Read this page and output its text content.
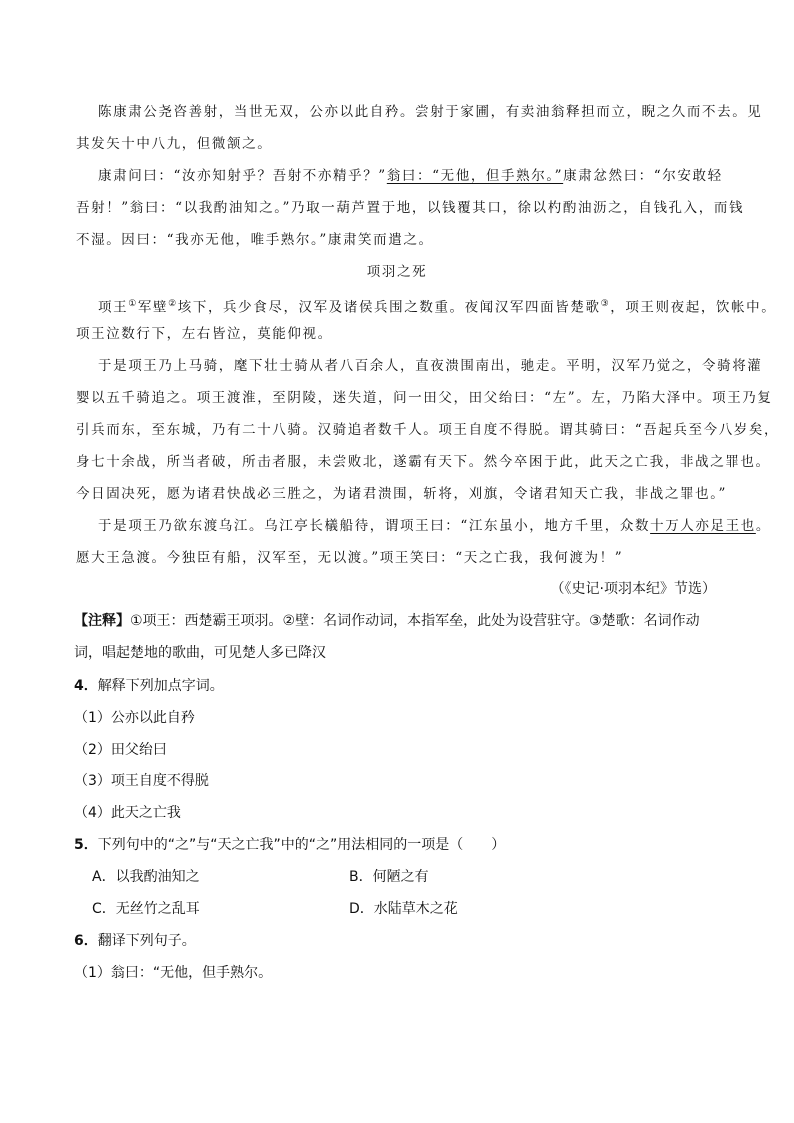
陈康肃公尧咨善射，当世无双，公亦以此自矜。尝射于家圃，有卖油翁释担而立，睨之久而不去。见

其发矢十中八九，但微颔之。

康肃问曰：“汝亦知射乎？吾射不亦精乎？”翁曰：“无他，但手熟尔。”康肃忿然曰：“尔安敢轻

吾射！”翁曰：“以我酌油知之。”乃取一葫芦置于地，以钱覆其口，徐以杓酌油沥之，自钱孔入，而钱

不湿。因曰：“我亦无他，唯手熟尔。”康肃笑而遣之。

项羽之死

项王①军壁②垓下，兵少食尽，汉军及诸侯兵围之数重。夜闻汉军四面皆楚歌③，项王则夜起，饮帐中。

项王泣数行下，左右皆泣，莫能仰视。

于是项王乃上马骑，麾下壮士骑从者八百余人，直夜溃围南出，驰走。平明，汉军乃觉之，令骑将灌

婴以五千骑追之。项王渡淮，至阴陵，迷失道，问一田父，田父绐曰：“左”。左，乃陷大泽中。项王乃复

引兵而东，至东城，乃有二十八骑。汉骑追者数千人。项王自度不得脱。谓其骑曰：“吾起兵至今八岁矣，

身七十余战，所当者破，所击者服，未尝败北，遂霸有天下。然今卒困于此，此天之亡我，非战之罪也。

今日固决死，愿为诸君快战必三胜之，为诸君溃围，斩将，刈旗，令诸君知天亡我，非战之罪也。”

于是项王乃欲东渡乌江。乌江亭长檥船待，谓项王曰：“江东虽小，地方千里，众数十万人亦足王也。

愿大王急渡。今独臣有船，汉军至，无以渡。”项王笑曰：“天之亡我，我何渡为！”

（《史记·项羽本纪》节选）

【注释】①项王：西楚霸王项羽。②壁：名词作动词，本指军垒，此处为设营驻守。③楚歌：名词作动

词，唱起楚地的歌曲，可见楚人多已降汉

4．解释下列加点字词。

（1）公亦以此自矜

（2）田父绐曰

（3）项王自度不得脱

（4）此天之亡我

5．下列句中的“之”与“天之亡我”中的“之”用法相同的一项是（　　）

A．以我酌油知之	B．何陋之有

C．无丝竹之乱耳	D．水陆草木之花

6．翻译下列句子。

（1）翁曰：“无他，但手熟尔。
